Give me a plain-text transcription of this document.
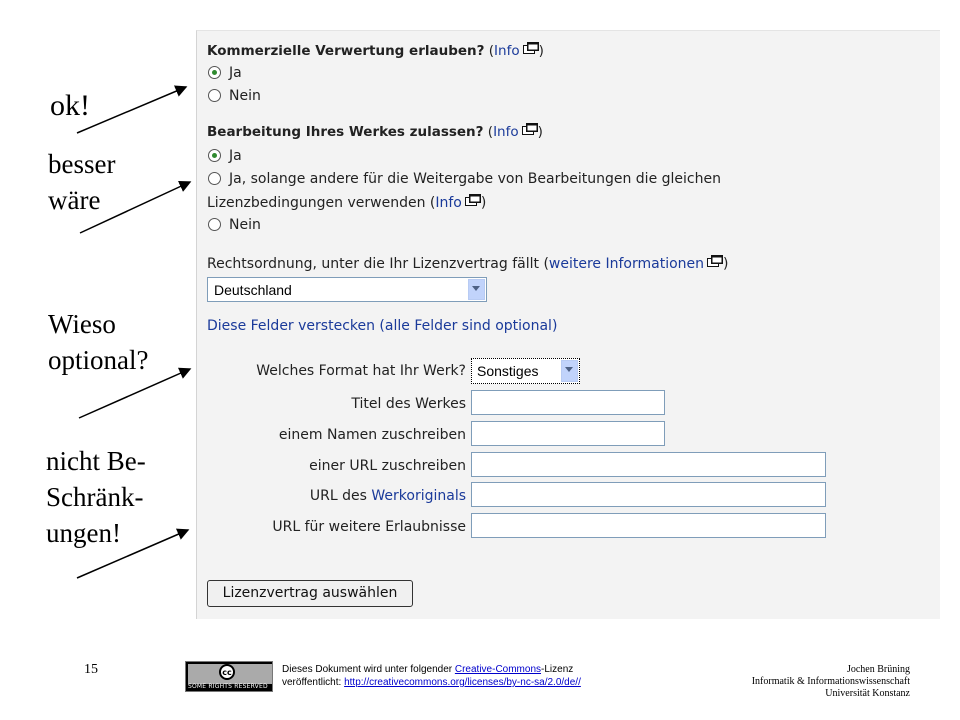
ok!
besser
wäre
Wieso
optional?
nicht Be-
Schränk-
ungen!
Kommerzielle Verwertung erlauben? (Info )
Ja
Nein
Bearbeitung Ihres Werkes zulassen? (Info )
Ja
Ja, solange andere für die Weitergabe von Bearbeitungen die gleichen
Lizenzbedingungen verwenden (Info )
Nein
Rechtsordnung, unter die Ihr Lizenzvertrag fällt (weitere Informationen )
Deutschland
Diese Felder verstecken (alle Felder sind optional)
Welches Format hat Ihr Werk? Sonstiges
Titel des Werkes
einem Namen zuschreiben
einer URL zuschreiben
URL des Werkoriginals
URL für weitere Erlaubnisse
Lizenzvertrag auswählen
15	cc
SOME RIGHTS RESERVED
Dieses Dokument wird unter folgender Creative-Commons-Lizenz
veröffentlicht: http://creativecommons.org/licenses/by-nc-sa/2.0/de//
Jochen Brüning
Informatik & Informationswissenschaft
Universität Konstanz
